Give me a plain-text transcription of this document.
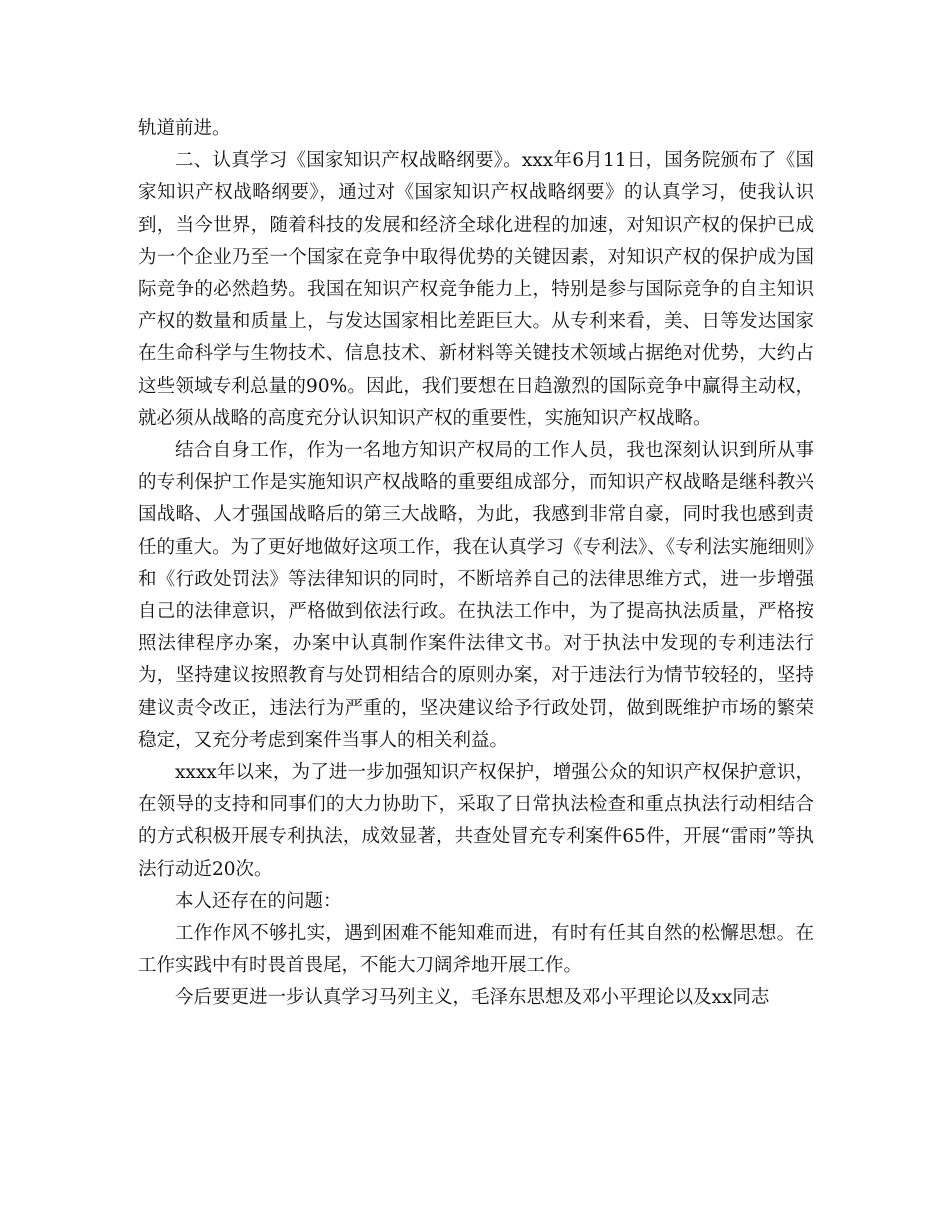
轨道前进。

二、认真学习《国家知识产权战略纲要》。xxx年6月11日，国务院颁布了《国家知识产权战略纲要》，通过对《国家知识产权战略纲要》的认真学习，使我认识到，当今世界，随着科技的发展和经济全球化进程的加速，对知识产权的保护已成为一个企业乃至一个国家在竞争中取得优势的关键因素，对知识产权的保护成为国际竞争的必然趋势。我国在知识产权竞争能力上，特别是参与国际竞争的自主知识产权的数量和质量上，与发达国家相比差距巨大。从专利来看，美、日等发达国家在生命科学与生物技术、信息技术、新材料等关键技术领域占据绝对优势，大约占这些领域专利总量的90%。因此，我们要想在日趋激烈的国际竞争中赢得主动权，就必须从战略的高度充分认识知识产权的重要性，实施知识产权战略。

结合自身工作，作为一名地方知识产权局的工作人员，我也深刻认识到所从事的专利保护工作是实施知识产权战略的重要组成部分，而知识产权战略是继科教兴国战略、人才强国战略后的第三大战略，为此，我感到非常自豪，同时我也感到责任的重大。为了更好地做好这项工作，我在认真学习《专利法》、《专利法实施细则》和《行政处罚法》等法律知识的同时，不断培养自己的法律思维方式，进一步增强自己的法律意识，严格做到依法行政。在执法工作中，为了提高执法质量，严格按照法律程序办案，办案中认真制作案件法律文书。对于执法中发现的专利违法行为，坚持建议按照教育与处罚相结合的原则办案，对于违法行为情节较轻的，坚持建议责令改正，违法行为严重的，坚决建议给予行政处罚，做到既维护市场的繁荣稳定，又充分考虑到案件当事人的相关利益。

xxxx年以来，为了进一步加强知识产权保护，增强公众的知识产权保护意识，在领导的支持和同事们的大力协助下，采取了日常执法检查和重点执法行动相结合的方式积极开展专利执法，成效显著，共查处冒充专利案件65件，开展“雷雨”等执法行动近20次。

本人还存在的问题：

工作作风不够扎实，遇到困难不能知难而进，有时有任其自然的松懈思想。在工作实践中有时畏首畏尾，不能大刀阔斧地开展工作。

今后要更进一步认真学习马列主义，毛泽东思想及邓小平理论以及xx同志
